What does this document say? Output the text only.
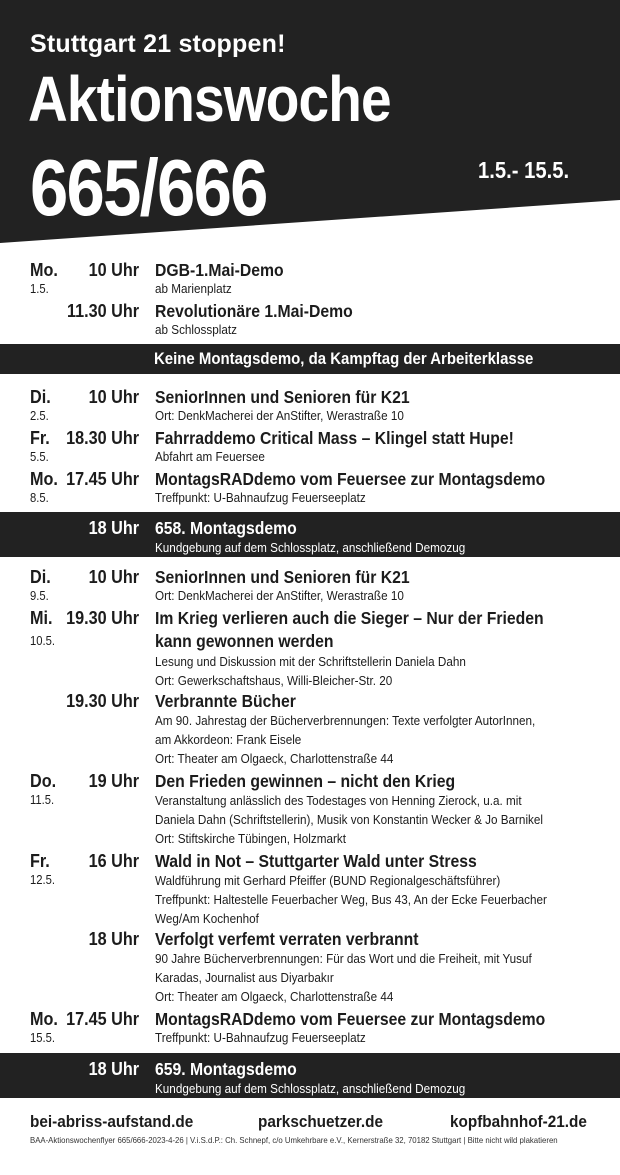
Stuttgart 21 stoppen!
Aktionswoche
665/666	1.5.- 15.5.
Mo.
1.5.
10 Uhr DGB-1.Mai-Demo
ab Marienplatz
11.30 Uhr Revolutionäre 1.Mai-Demo
ab Schlossplatz
Keine Montagsdemo, da Kampftag der Arbeiterklasse
Di.
2.5.
10 Uhr SeniorInnen und Senioren für K21
Ort: DenkMacherei der AnStifter, Werastraße 10
Fr.
5.5.
18.30 Uhr Fahrraddemo Critical Mass – Klingel statt Hupe!
Abfahrt am Feuersee
Mo.
8.5.
17.45 Uhr MontagsRADdemo vom Feuersee zur Montagsdemo
Treffpunkt: U-Bahnaufzug Feuerseeplatz
18 Uhr 658. Montagsdemo
Kundgebung auf dem Schlossplatz, anschließend Demozug
Di.
9.5.
10 Uhr SeniorInnen und Senioren für K21
Ort: DenkMacherei der AnStifter, Werastraße 10
Mi.
10.5.
19.30 Uhr Im Krieg verlieren auch die Sieger – Nur der Frieden
kann gewonnen werden
Lesung und Diskussion mit der Schriftstellerin Daniela Dahn
Ort: Gewerkschaftshaus, Willi-Bleicher-Str. 20
19.30 Uhr Verbrannte Bücher
Am 90. Jahrestag der Bücherverbrennungen: Texte verfolgter AutorInnen,
am Akkordeon: Frank Eisele
Ort: Theater am Olgaeck, Charlottenstraße 44
Do.
11.5.
19 Uhr Den Frieden gewinnen – nicht den Krieg
Veranstaltung anlässlich des Todestages von Henning Zierock, u.a. mit
Daniela Dahn (Schriftstellerin), Musik von Konstantin Wecker & Jo Barnikel
Ort: Stiftskirche Tübingen, Holzmarkt
Fr.
12.5.
16 Uhr Wald in Not – Stuttgarter Wald unter Stress
Waldführung mit Gerhard Pfeiffer (BUND Regionalgeschäftsführer)
Treffpunkt: Haltestelle Feuerbacher Weg, Bus 43, An der Ecke Feuerbacher
Weg/Am Kochenhof
18 Uhr Verfolgt verfemt verraten verbrannt
90 Jahre Bücherverbrennungen: Für das Wort und die Freiheit, mit Yusuf
Karadas, Journalist aus Diyarbakır
Ort: Theater am Olgaeck, Charlottenstraße 44
Mo.
15.5.
17.45 Uhr MontagsRADdemo vom Feuersee zur Montagsdemo
Treffpunkt: U-Bahnaufzug Feuerseeplatz
18 Uhr 659. Montagsdemo
Kundgebung auf dem Schlossplatz, anschließend Demozug
bei-abriss-aufstand.de	parkschuetzer.de	kopfbahnhof-21.de
BAA-Aktionswochenflyer 665/666-2023-4-26 | V.i.S.d.P.: Ch. Schnepf, c/o Umkehrbare e.V., Kernerstraße 32, 70182 Stuttgart | Bitte nicht wild plakatieren
